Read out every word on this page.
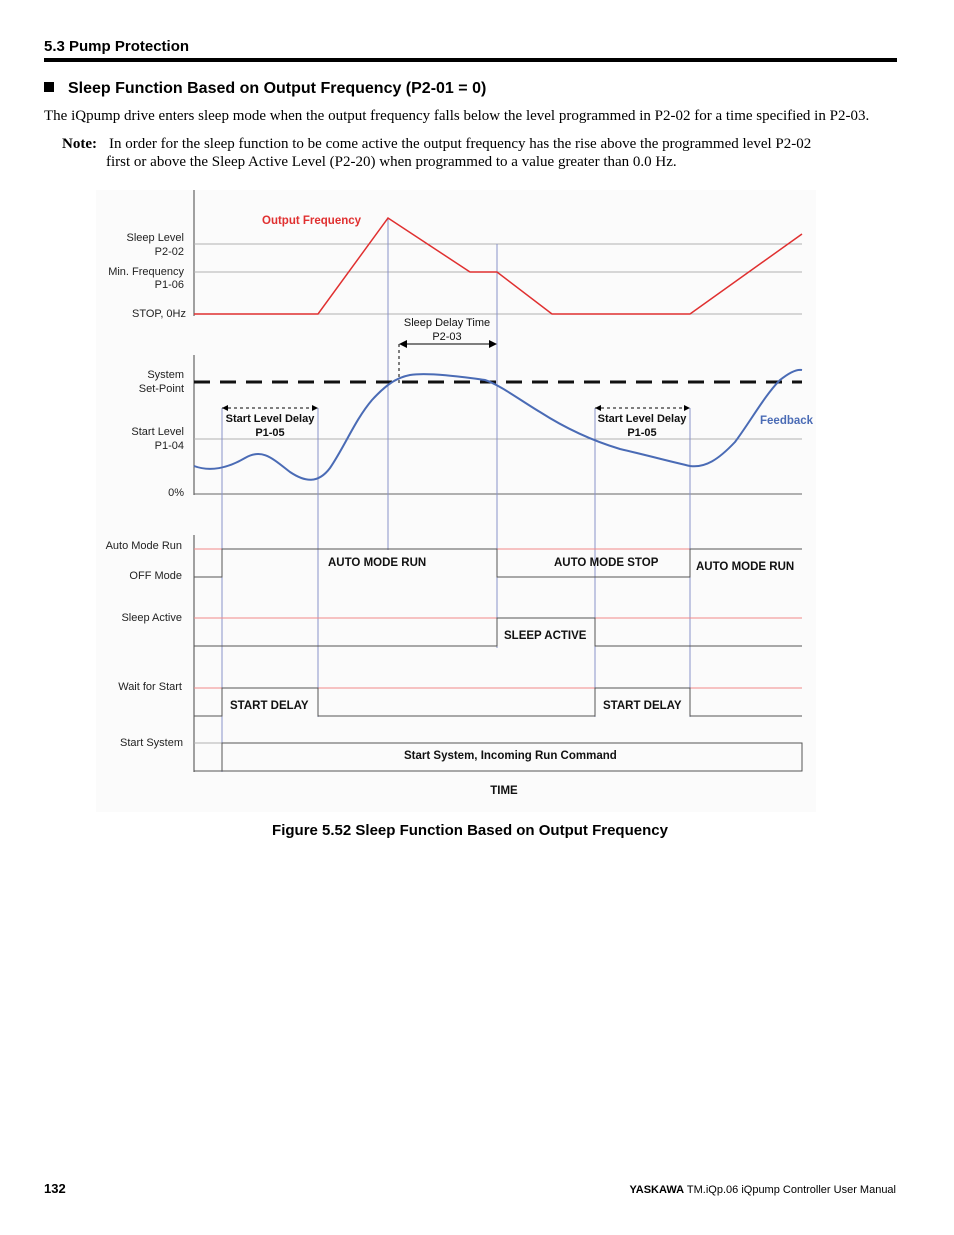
5.3 Pump Protection
Sleep Function Based on Output Frequency (P2-01 = 0)
The iQpump drive enters sleep mode when the output frequency falls below the level programmed in P2-02 for a time specified in P2-03.
Note: In order for the sleep function to be come active the output frequency has the rise above the programmed level P2-02
first or above the Sleep Active Level (P2-20) when programmed to a value greater than 0.0 Hz.
Sleep Level
P2-02
Min. Frequency
P1-06
STOP, 0Hz
System
Set-Point
Start Level
P1-04
0%
Auto Mode Run
OFF Mode
Sleep Active
Wait for Start
Start System
Output Frequency
Feedback
Sleep Delay Time
P2-03
Start Level Delay
P1-05
Start Level Delay
P1-05
AUTO MODE RUN	AUTO MODE STOP	AUTO MODE RUN
SLEEP ACTIVE
START DELAY	START DELAY
Start System, Incoming Run Command
TIME
Figure 5.52 Sleep Function Based on Output Frequency
132	YASKAWA TM.iQp.06 iQpump Controller User Manual
